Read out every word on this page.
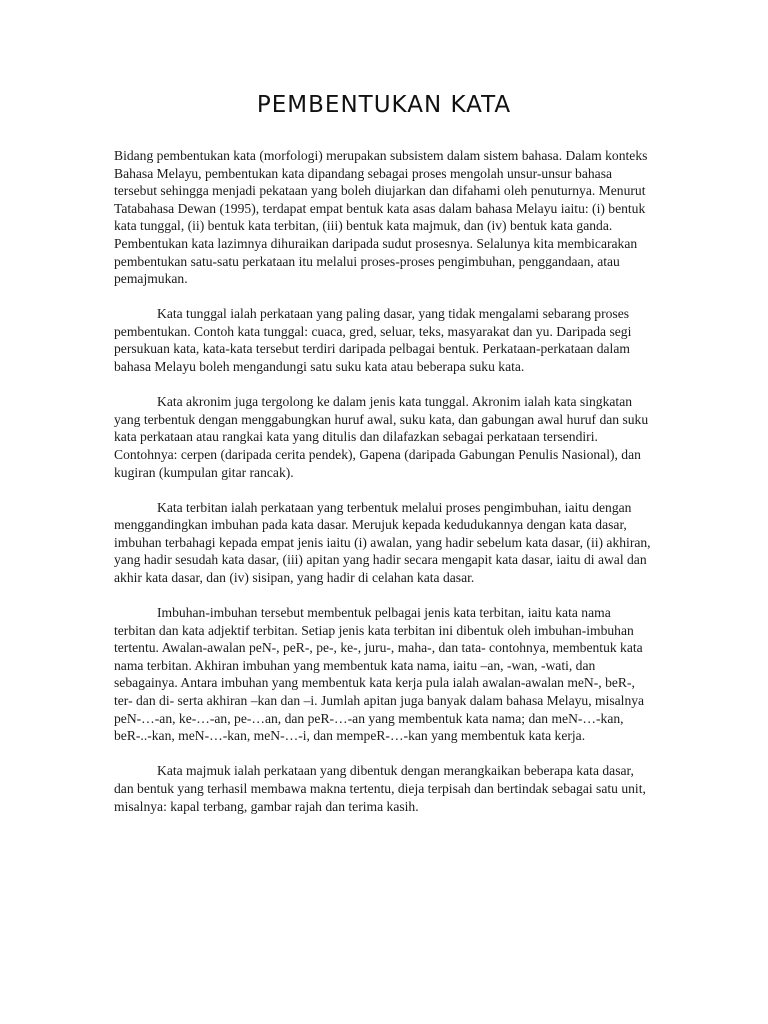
PEMBENTUKAN KATA

Bidang pembentukan kata (morfologi) merupakan subsistem dalam sistem bahasa. Dalam konteks Bahasa Melayu, pembentukan kata dipandang sebagai proses mengolah unsur-unsur bahasa tersebut sehingga menjadi pekataan yang boleh diujarkan dan difahami oleh penuturnya. Menurut Tatabahasa Dewan (1995), terdapat empat bentuk kata asas dalam bahasa Melayu iaitu: (i) bentuk kata tunggal, (ii) bentuk kata terbitan, (iii) bentuk kata majmuk, dan (iv) bentuk kata ganda. Pembentukan kata lazimnya dihuraikan daripada sudut prosesnya. Selalunya kita membicarakan pembentukan satu-satu perkataan itu melalui proses-proses pengimbuhan, penggandaan, atau pemajmukan.

Kata tunggal ialah perkataan yang paling dasar, yang tidak mengalami sebarang proses pembentukan. Contoh kata tunggal: cuaca, gred, seluar, teks, masyarakat dan yu. Daripada segi persukuan kata, kata-kata tersebut terdiri daripada pelbagai bentuk. Perkataan-perkataan dalam bahasa Melayu boleh mengandungi satu suku kata atau beberapa suku kata.

Kata akronim juga tergolong ke dalam jenis kata tunggal. Akronim ialah kata singkatan yang terbentuk dengan menggabungkan huruf awal, suku kata, dan gabungan awal huruf dan suku kata perkataan atau rangkai kata yang ditulis dan dilafazkan sebagai perkataan tersendiri. Contohnya: cerpen (daripada cerita pendek), Gapena (daripada Gabungan Penulis Nasional), dan kugiran (kumpulan gitar rancak).

Kata terbitan ialah perkataan yang terbentuk melalui proses pengimbuhan, iaitu dengan menggandingkan imbuhan pada kata dasar. Merujuk kepada kedudukannya dengan kata dasar, imbuhan terbahagi kepada empat jenis iaitu (i) awalan, yang hadir sebelum kata dasar, (ii) akhiran, yang hadir sesudah kata dasar, (iii) apitan yang hadir secara mengapit kata dasar, iaitu di awal dan akhir kata dasar, dan (iv) sisipan, yang hadir di celahan kata dasar.

Imbuhan-imbuhan tersebut membentuk pelbagai jenis kata terbitan, iaitu kata nama terbitan dan kata adjektif terbitan. Setiap jenis kata terbitan ini dibentuk oleh imbuhan-imbuhan tertentu. Awalan-awalan peN-, peR-, pe-, ke-, juru-, maha-, dan tata- contohnya, membentuk kata nama terbitan. Akhiran imbuhan yang membentuk kata nama, iaitu –an, -wan, -wati, dan sebagainya. Antara imbuhan yang membentuk kata kerja pula ialah awalan-awalan meN-, beR-, ter- dan di- serta akhiran –kan dan –i. Jumlah apitan juga banyak dalam bahasa Melayu, misalnya peN-…-an, ke-…-an, pe-…an, dan peR-…-an yang membentuk kata nama; dan meN-…-kan, beR-..-kan, meN-…-kan, meN-…-i, dan mempeR-…-kan yang membentuk kata kerja.

Kata majmuk ialah perkataan yang dibentuk dengan merangkaikan beberapa kata dasar, dan bentuk yang terhasil membawa makna tertentu, dieja terpisah dan bertindak sebagai satu unit, misalnya: kapal terbang, gambar rajah dan terima kasih.
